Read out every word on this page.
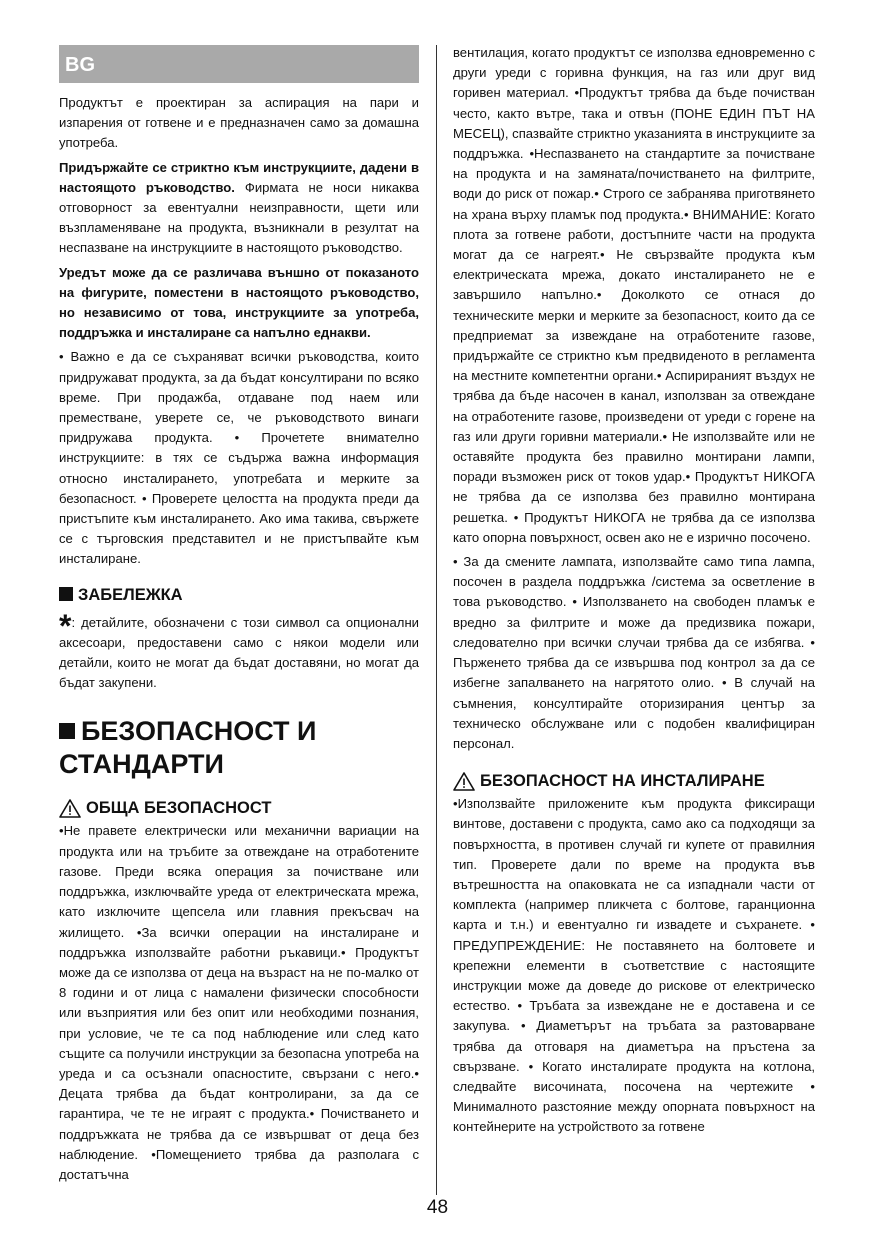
BG

Продуктът е проектиран за аспирация на пари и изпарения от готвене и е предназначен само за домашна употреба.

Придържайте се стриктно към инструкциите, дадени в настоящото ръководство. Фирмата не носи никаква отговорност за евентуални неизправности, щети или възпламеняване на продукта, възникнали в резултат на неспазване на инструкциите в настоящото ръководство.

Уредът може да се различава външно от показаното на фигурите, поместени в настоящото ръководство, но независимо от това, инструкциите за употреба, поддръжка и инсталиране са напълно еднакви.

• Важно е да се съхраняват всички ръководства, които придружават продукта, за да бъдат консултирани по всяко време. При продажба, отдаване под наем или преместване, уверете се, че ръководството винаги придружава продукта. • Прочетете внимателно инструкциите: в тях се съдържа важна информация относно инсталирането, употребата и мерките за безопасност. • Проверете целостта на продукта преди да пристъпите към инсталирането. Ако има такива, свържете се с търговския представител и не пристъпвайте към инсталиране.

ЗАБЕЛЕЖКА

*: детайлите, обозначени с този символ са опционални аксесоари, предоставени само с някои модели или детайли, които не могат да бъдат доставяни, но могат да бъдат закупени.

БЕЗОПАСНОСТ И
СТАНДАРТИ
ОБЩА БЕЗОПАСНОСТ

•Не правете електрически или механични вариации на продукта или на тръбите за отвеждане на отработените газове. Преди всяка операция за почистване или поддръжка, изключвайте уреда от електрическата мрежа, като изключите щепсела или главния прекъсвач на жилището. •За всички операции на инсталиране и поддръжка използвайте работни ръкавици.• Продуктът може да се използва от деца на възраст на не по-малко от 8 години и от лица с намалени физически способности или възприятия или без опит или необходими познания, при условие, че те са под наблюдение или след като същите са получили инструкции за безопасна употреба на уреда и са осъзнали опасностите, свързани с него.• Децата трябва да бъдат контролирани, за да се гарантира, че те не играят с продукта.• Почистването и поддръжката не трябва да се извършват от деца без наблюдение. •Помещението трябва да разполага с достатъчна

вентилация, когато продуктът се използва едновременно с други уреди с горивна функция, на газ или друг вид горивен материал. •Продуктът трябва да бъде почистван често, както вътре, така и отвън (ПОНЕ ЕДИН ПЪТ НА МЕСЕЦ), спазвайте стриктно указанията в инструкциите за поддръжка. •Неспазването на стандартите за почистване на продукта и на замяната/почистването на филтрите, води до риск от пожар.• Строго се забранява приготвянето на храна върху пламък под продукта.• ВНИМАНИЕ: Когато плота за готвене работи, достъпните части на продукта могат да се нагреят.• Не свързвайте продукта към електрическата мрежа, докато инсталирането не е завършило напълно.• Доколкото се отнася до техническите мерки и мерките за безопасност, които да се предприемат за извеждане на отработените газове, придържайте се стриктно към предвиденото в регламента на местните компетентни органи.• Аспирираният въздух не трябва да бъде насочен в канал, използван за отвеждане на отработените газове, произведени от уреди с горене на газ или други горивни материали.• Не използвайте или не оставяйте продукта без правилно монтирани лампи, поради възможен риск от токов удар.• Продуктът НИКОГА не трябва да се използва без правилно монтирана решетка. • Продуктът НИКОГА не трябва да се използва като опорна повърхност, освен ако не е изрично посочено.

• За да смените лампата, използвайте само типа лампа, посочен в раздела поддръжка /система за осветление в това ръководство. • Използването на свободен пламък е вредно за филтрите и може да предизвика пожари, следователно при всички случаи трябва да се избягва. • Пърженето трябва да се извършва под контрол за да се избегне запалването на нагрятото олио. • В случай на съмнения, консултирайте оторизирания център за техническо обслужване или с подобен квалифициран персонал.

БЕЗОПАСНОСТ НА ИНСТАЛИРАНЕ

•Използвайте приложените към продукта фиксиращи винтове, доставени с продукта, само ако са подходящи за повърхността, в противен случай ги купете от правилния тип. Проверете дали по време на продукта във вътрешността на опаковката не са изпаднали части от комплекта (например пликчета с болтове, гаранционна карта и т.н.) и евентуално ги извадете и съхранете. • ПРЕДУПРЕЖДЕНИЕ: Не поставянето на болтовете и крепежни елементи в съответствие с настоящите инструкции може да доведе до рискове от електрическо естество. • Тръбата за извеждане не е доставена и се закупува. • Диаметърът на тръбата за разтоварване трябва да отговаря на диаметъра на пръстена за свързване. • Когато инсталирате продукта на котлона, следвайте височината, посочена на чертежите • Минималното разстояние между опорната повърхност на контейнерите на устройството за готвене

48
